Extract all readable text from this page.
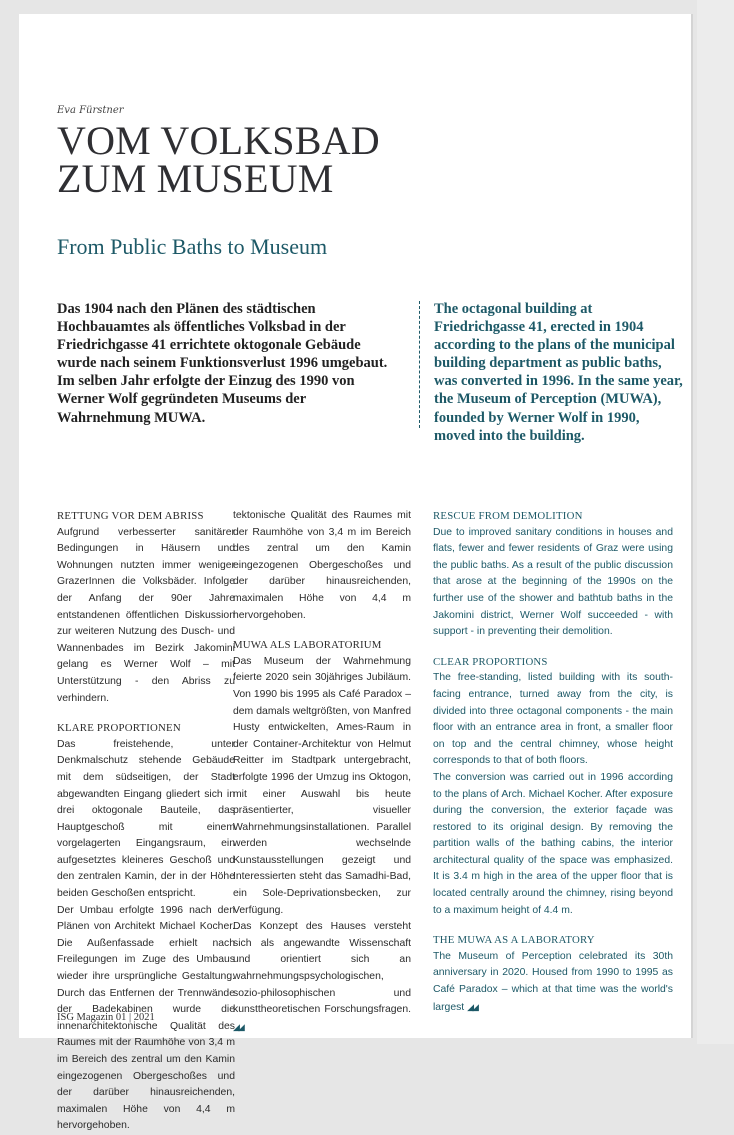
Eva Fürstner
VOM VOLKSBAD
ZUM MUSEUM
From Public Baths to Museum
Das 1904 nach den Plänen des städtischen Hochbauamtes als öffentliches Volksbad in der Friedrichgasse 41 errichtete oktogonale Gebäude wurde nach seinem Funktionsverlust 1996 umgebaut. Im selben Jahr erfolgte der Einzug des 1990 von Werner Wolf gegründeten Museums der Wahrnehmung MUWA.
The octagonal building at Friedrichgasse 41, erected in 1904 according to the plans of the municipal building department as public baths, was converted in 1996. In the same year, the Museum of Perception (MUWA), founded by Werner Wolf in 1990, moved into the building.
RETTUNG VOR DEM ABRISS
Aufgrund verbesserter sanitärer Bedingungen in Häusern und Wohnungen nutzten immer weniger GrazerInnen die Volksbäder. Infolge der Anfang der 90er Jahre entstandenen öffentlichen Diskussion zur weiteren Nutzung des Dusch- und Wannenbades im Bezirk Jakomini gelang es Werner Wolf – mit Unterstützung - den Abriss zu verhindern.
KLARE PROPORTIONEN
Das freistehende, unter Denkmalschutz stehende Gebäude mit dem südseitigen, der Stadt abgewandten Eingang gliedert sich in drei oktogonale Bauteile, das Hauptgeschoß mit einem vorgelagerten Eingangsraum, ein aufgesetztes kleineres Geschoß und den zentralen Kamin, der in der Höhe beiden Geschoßen entspricht.
Der Umbau erfolgte 1996 nach den Plänen von Architekt Michael Kocher. Die Außenfassade erhielt nach Freilegungen im Zuge des Umbaus wieder ihre ursprüngliche Gestaltung. Durch das Entfernen der Trennwände der Badekabinen wurde die innenarchitektonische Qualität des Raumes mit der Raumhöhe von 3,4 m im Bereich des zentral um den Kamin eingezogenen Obergeschoßes und der darüber hinausreichenden, maximalen Höhe von 4,4 m hervorgehoben.
tektonische Qualität des Raumes mit der Raumhöhe von 3,4 m im Bereich des zentral um den Kamin eingezogenen Obergeschoßes und der darüber hinausreichenden, maximalen Höhe von 4,4 m hervorgehoben.
MUWA ALS LABORATORIUM
Das Museum der Wahrnehmung feierte 2020 sein 30jähriges Jubiläum. Von 1990 bis 1995 als Café Paradox – dem damals weltgrößten, von Manfred Husty entwickelten, Ames-Raum in der Container-Architektur von Helmut Reitter im Stadtpark untergebracht, erfolgte 1996 der Umzug ins Oktogon, mit einer Auswahl bis heute präsentierter, visueller Wahrnehmungsinstallationen. Parallel werden wechselnde Kunstausstellungen gezeigt und Interessierten steht das Samadhi-Bad, ein Sole-Deprivationsbecken, zur Verfügung.
Das Konzept des Hauses versteht sich als angewandte Wissenschaft und orientiert sich an wahrnehmungspsychologischen, sozio-philosophischen und kunsttheoretischen Forschungsfragen. ◢◢
RESCUE FROM DEMOLITION
Due to improved sanitary conditions in houses and flats, fewer and fewer residents of Graz were using the public baths. As a result of the public discussion that arose at the beginning of the 1990s on the further use of the shower and bathtub baths in the Jakomini district, Werner Wolf succeeded - with support - in preventing their demolition.
CLEAR PROPORTIONS
The free-standing, listed building with its south-facing entrance, turned away from the city, is divided into three octagonal components - the main floor with an entrance area in front, a smaller floor on top and the central chimney, whose height corresponds to that of both floors.
The conversion was carried out in 1996 according to the plans of Arch. Michael Kocher. After exposure during the conversion, the exterior façade was restored to its original design. By removing the partition walls of the bathing cabins, the interior architectural quality of the space was emphasized. It is 3.4 m high in the area of the upper floor that is located centrally around the chimney, rising beyond to a maximum height of 4.4 m.
THE MUWA AS A LABORATORY
The Museum of Perception celebrated its 30th anniversary in 2020. Housed from 1990 to 1995 as Café Paradox – which at that time was the world's largest ◢◢
ISG Magazin 01 | 2021
